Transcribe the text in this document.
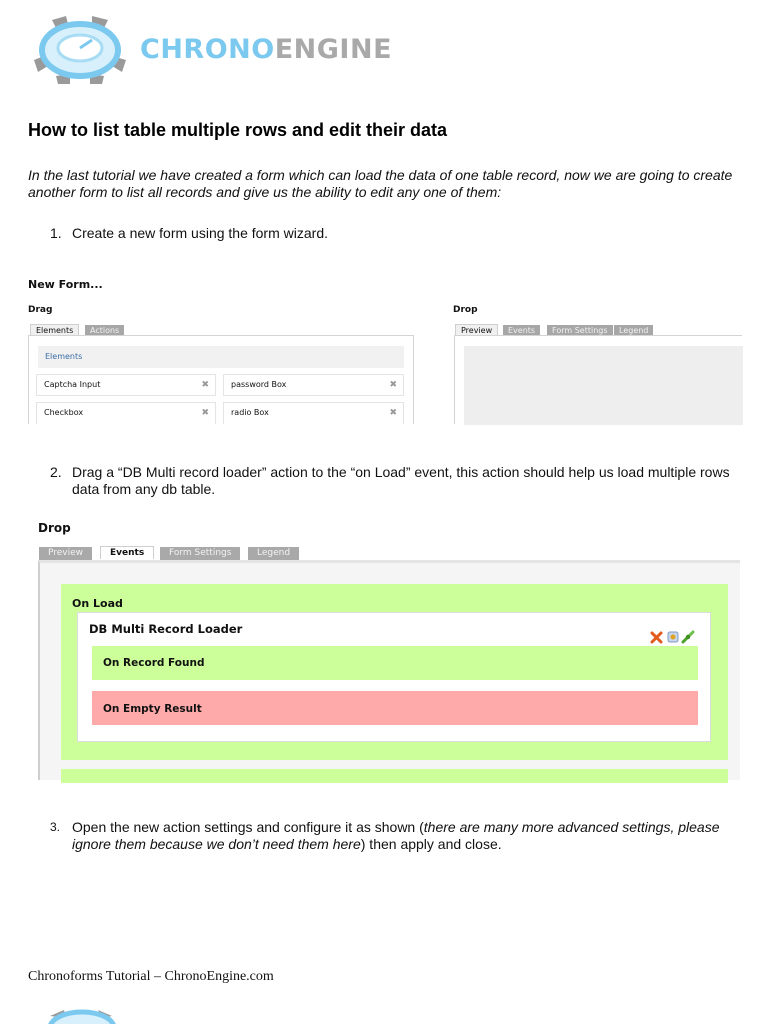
CHRONOENGINE
How to list table multiple rows and edit their data
In the last tutorial we have created a form which can load the data of one table record, now we are going to create another form to list all records and give us the ability to edit any one of them:
1. Create a new form using the form wizard.
New Form...
Drag	Drop
Elements	Actions
Elements
Captcha Input	✖	password Box	✖
Checkbox	✖	radio Box	✖
Preview	Events	Form Settings	Legend
2. Drag a “DB Multi record loader” action to the “on Load” event, this action should help us load multiple rows data from any db table.
Drop
Preview	Events	Form Settings	Legend
On Load
DB Multi Record Loader
On Record Found
On Empty Result
3. Open the new action settings and configure it as shown (there are many more advanced settings, please ignore them because we don’t need them here) then apply and close.
Chronoforms Tutorial – ChronoEngine.com
